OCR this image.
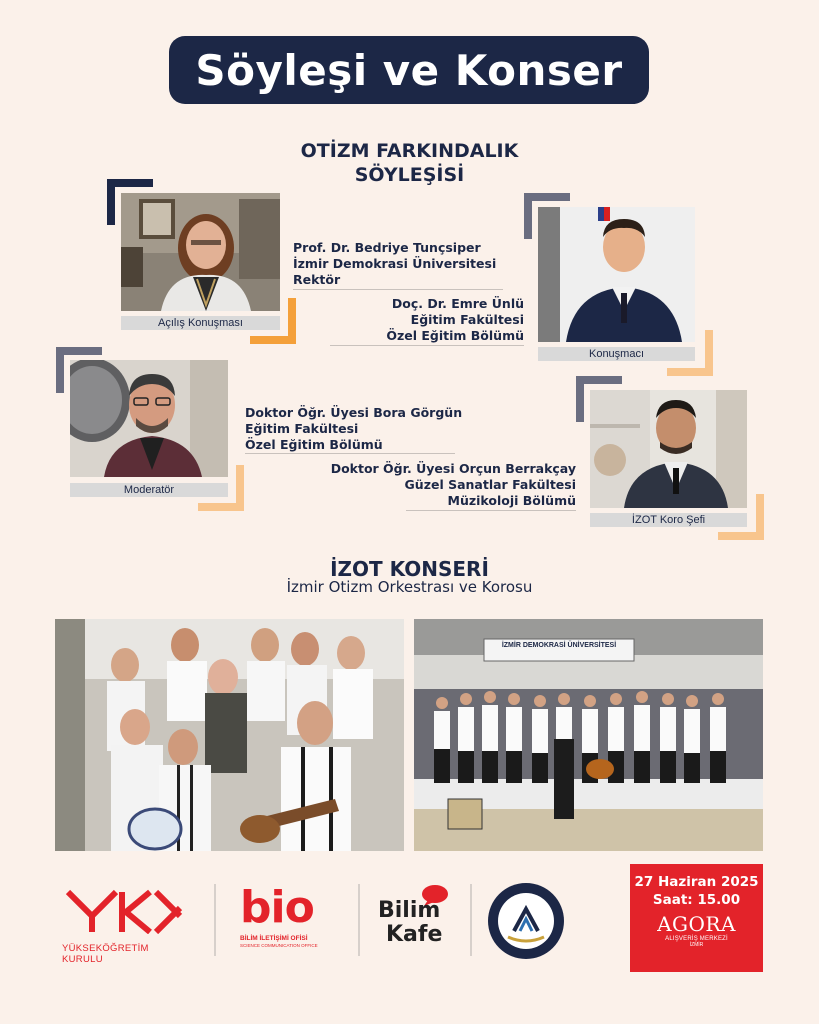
Söyleşi ve Konser
OTİZM FARKINDALIK
SÖYLEŞİSİ
Açılış Konuşması
Prof. Dr. Bedriye Tunçsiper
İzmir Demokrasi Üniversitesi
Rektör
Doç. Dr. Emre Ünlü
Eğitim Fakültesi
Özel Eğitim Bölümü
Konuşmacı
Moderatör
Doktor Öğr. Üyesi Bora Görgün
Eğitim Fakültesi
Özel Eğitim Bölümü
Doktor Öğr. Üyesi Orçun Berrakçay
Güzel Sanatlar Fakültesi
Müzikoloji Bölümü
İZOT Koro Şefi
İZOT KONSERİ
İzmir Otizm Orkestrası ve Korosu
İZMİR DEMOKRASİ ÜNİVERSİTESİ
YÜKSEKÖĞRETİM KURULU
bio
BİLİM İLETİŞİMİ OFİSİ
SCIENCE COMMUNICATION OFFICE
Bilim
Kafe	2016
27 Haziran 2025
Saat: 15.00
AGORA
ALIŞVERİŞ MERKEZİ
İZMİR
